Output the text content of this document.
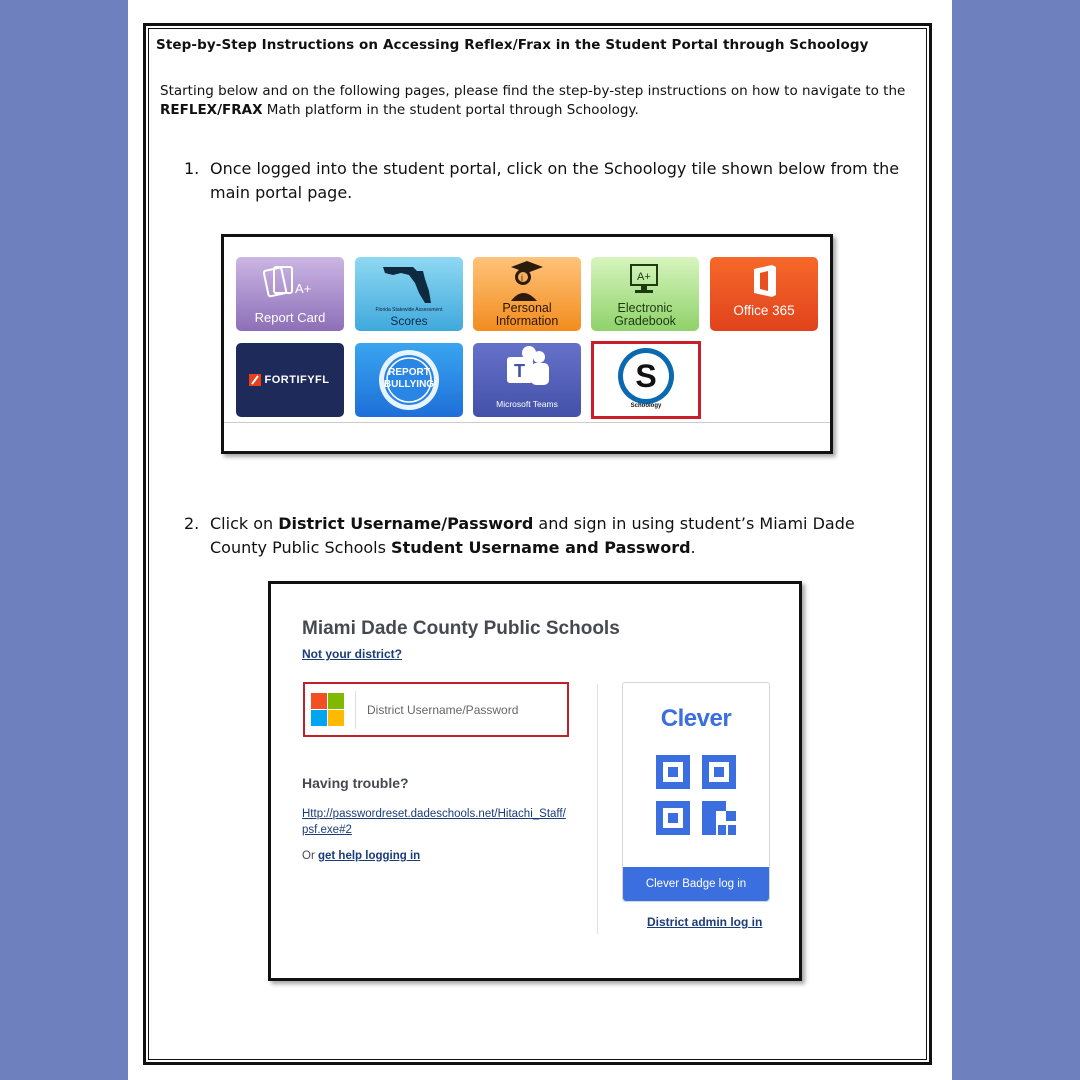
Step-by-Step Instructions on Accessing Reflex/Frax in the Student Portal through Schoology
Starting below and on the following pages, please find the step-by-step instructions on how to navigate to the REFLEX/FRAX Math platform in the student portal through Schoology.
1. Once logged into the student portal, click on the Schoology tile shown below from the main portal page.
A+
Report Card	Florida Statewide Assessment
Scores
i
Personal Information
A+
Electronic Gradebook
Office 365
FORTIFYFL
REPORT BULLYING
T
Microsoft Teams
S
Schoology
2. Click on District Username/Password and sign in using student’s Miami Dade County Public Schools Student Username and Password.
Miami Dade County Public Schools
Not your district?
District Username/Password
Having trouble?
Http://passwordreset.dadeschools.net/Hitachi_Staff/psf.exe#2
Or get help logging in
Clever
Clever Badge log in
District admin log in
